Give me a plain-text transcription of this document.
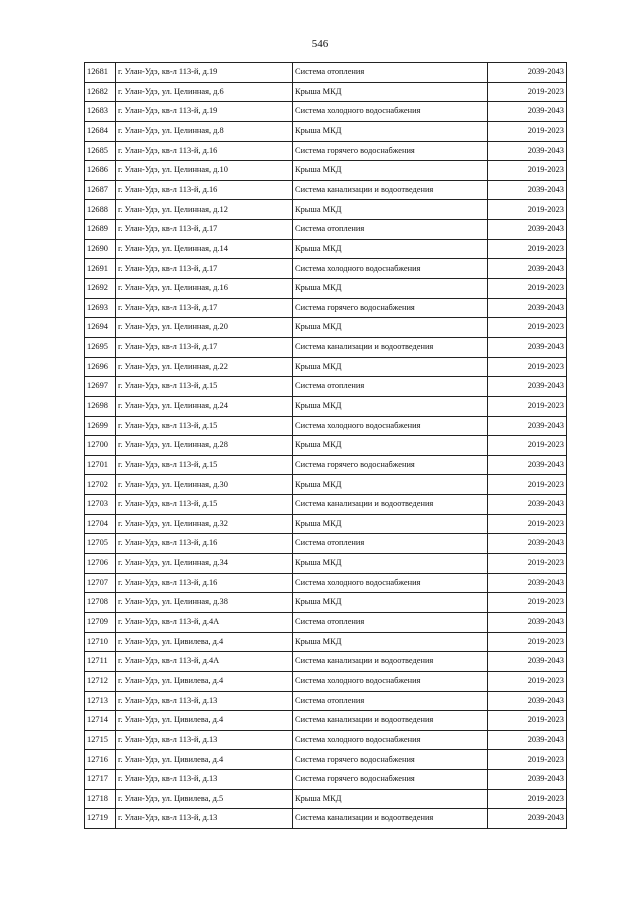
546
12681	г. Улан-Удэ, кв-л 113-й, д.19	Система отопления	2039-2043
12682	г. Улан-Удэ, ул. Целинная, д.6	Крыша МКД	2019-2023
12683	г. Улан-Удэ, кв-л 113-й, д.19	Система холодного водоснабжения	2039-2043
12684	г. Улан-Удэ, ул. Целинная, д.8	Крыша МКД	2019-2023
12685	г. Улан-Удэ, кв-л 113-й, д.16	Система горячего водоснабжения	2039-2043
12686	г. Улан-Удэ, ул. Целинная, д.10	Крыша МКД	2019-2023
12687	г. Улан-Удэ, кв-л 113-й, д.16	Система канализации и водоотведения	2039-2043
12688	г. Улан-Удэ, ул. Целинная, д.12	Крыша МКД	2019-2023
12689	г. Улан-Удэ, кв-л 113-й, д.17	Система отопления	2039-2043
12690	г. Улан-Удэ, ул. Целинная, д.14	Крыша МКД	2019-2023
12691	г. Улан-Удэ, кв-л 113-й, д.17	Система холодного водоснабжения	2039-2043
12692	г. Улан-Удэ, ул. Целинная, д.16	Крыша МКД	2019-2023
12693	г. Улан-Удэ, кв-л 113-й, д.17	Система горячего водоснабжения	2039-2043
12694	г. Улан-Удэ, ул. Целинная, д.20	Крыша МКД	2019-2023
12695	г. Улан-Удэ, кв-л 113-й, д.17	Система канализации и водоотведения	2039-2043
12696	г. Улан-Удэ, ул. Целинная, д.22	Крыша МКД	2019-2023
12697	г. Улан-Удэ, кв-л 113-й, д.15	Система отопления	2039-2043
12698	г. Улан-Удэ, ул. Целинная, д.24	Крыша МКД	2019-2023
12699	г. Улан-Удэ, кв-л 113-й, д.15	Система холодного водоснабжения	2039-2043
12700	г. Улан-Удэ, ул. Целинная, д.28	Крыша МКД	2019-2023
12701	г. Улан-Удэ, кв-л 113-й, д.15	Система горячего водоснабжения	2039-2043
12702	г. Улан-Удэ, ул. Целинная, д.30	Крыша МКД	2019-2023
12703	г. Улан-Удэ, кв-л 113-й, д.15	Система канализации и водоотведения	2039-2043
12704	г. Улан-Удэ, ул. Целинная, д.32	Крыша МКД	2019-2023
12705	г. Улан-Удэ, кв-л 113-й, д.16	Система отопления	2039-2043
12706	г. Улан-Удэ, ул. Целинная, д.34	Крыша МКД	2019-2023
12707	г. Улан-Удэ, кв-л 113-й, д.16	Система холодного водоснабжения	2039-2043
12708	г. Улан-Удэ, ул. Целинная, д.38	Крыша МКД	2019-2023
12709	г. Улан-Удэ, кв-л 113-й, д.4А	Система отопления	2039-2043
12710	г. Улан-Удэ, ул. Цивилева, д.4	Крыша МКД	2019-2023
12711	г. Улан-Удэ, кв-л 113-й, д.4А	Система канализации и водоотведения	2039-2043
12712	г. Улан-Удэ, ул. Цивилева, д.4	Система холодного водоснабжения	2019-2023
12713	г. Улан-Удэ, кв-л 113-й, д.13	Система отопления	2039-2043
12714	г. Улан-Удэ, ул. Цивилева, д.4	Система канализации и водоотведения	2019-2023
12715	г. Улан-Удэ, кв-л 113-й, д.13	Система холодного водоснабжения	2039-2043
12716	г. Улан-Удэ, ул. Цивилева, д.4	Система горячего водоснабжения	2019-2023
12717	г. Улан-Удэ, кв-л 113-й, д.13	Система горячего водоснабжения	2039-2043
12718	г. Улан-Удэ, ул. Цивилева, д.5	Крыша МКД	2019-2023
12719	г. Улан-Удэ, кв-л 113-й, д.13	Система канализации и водоотведения	2039-2043
